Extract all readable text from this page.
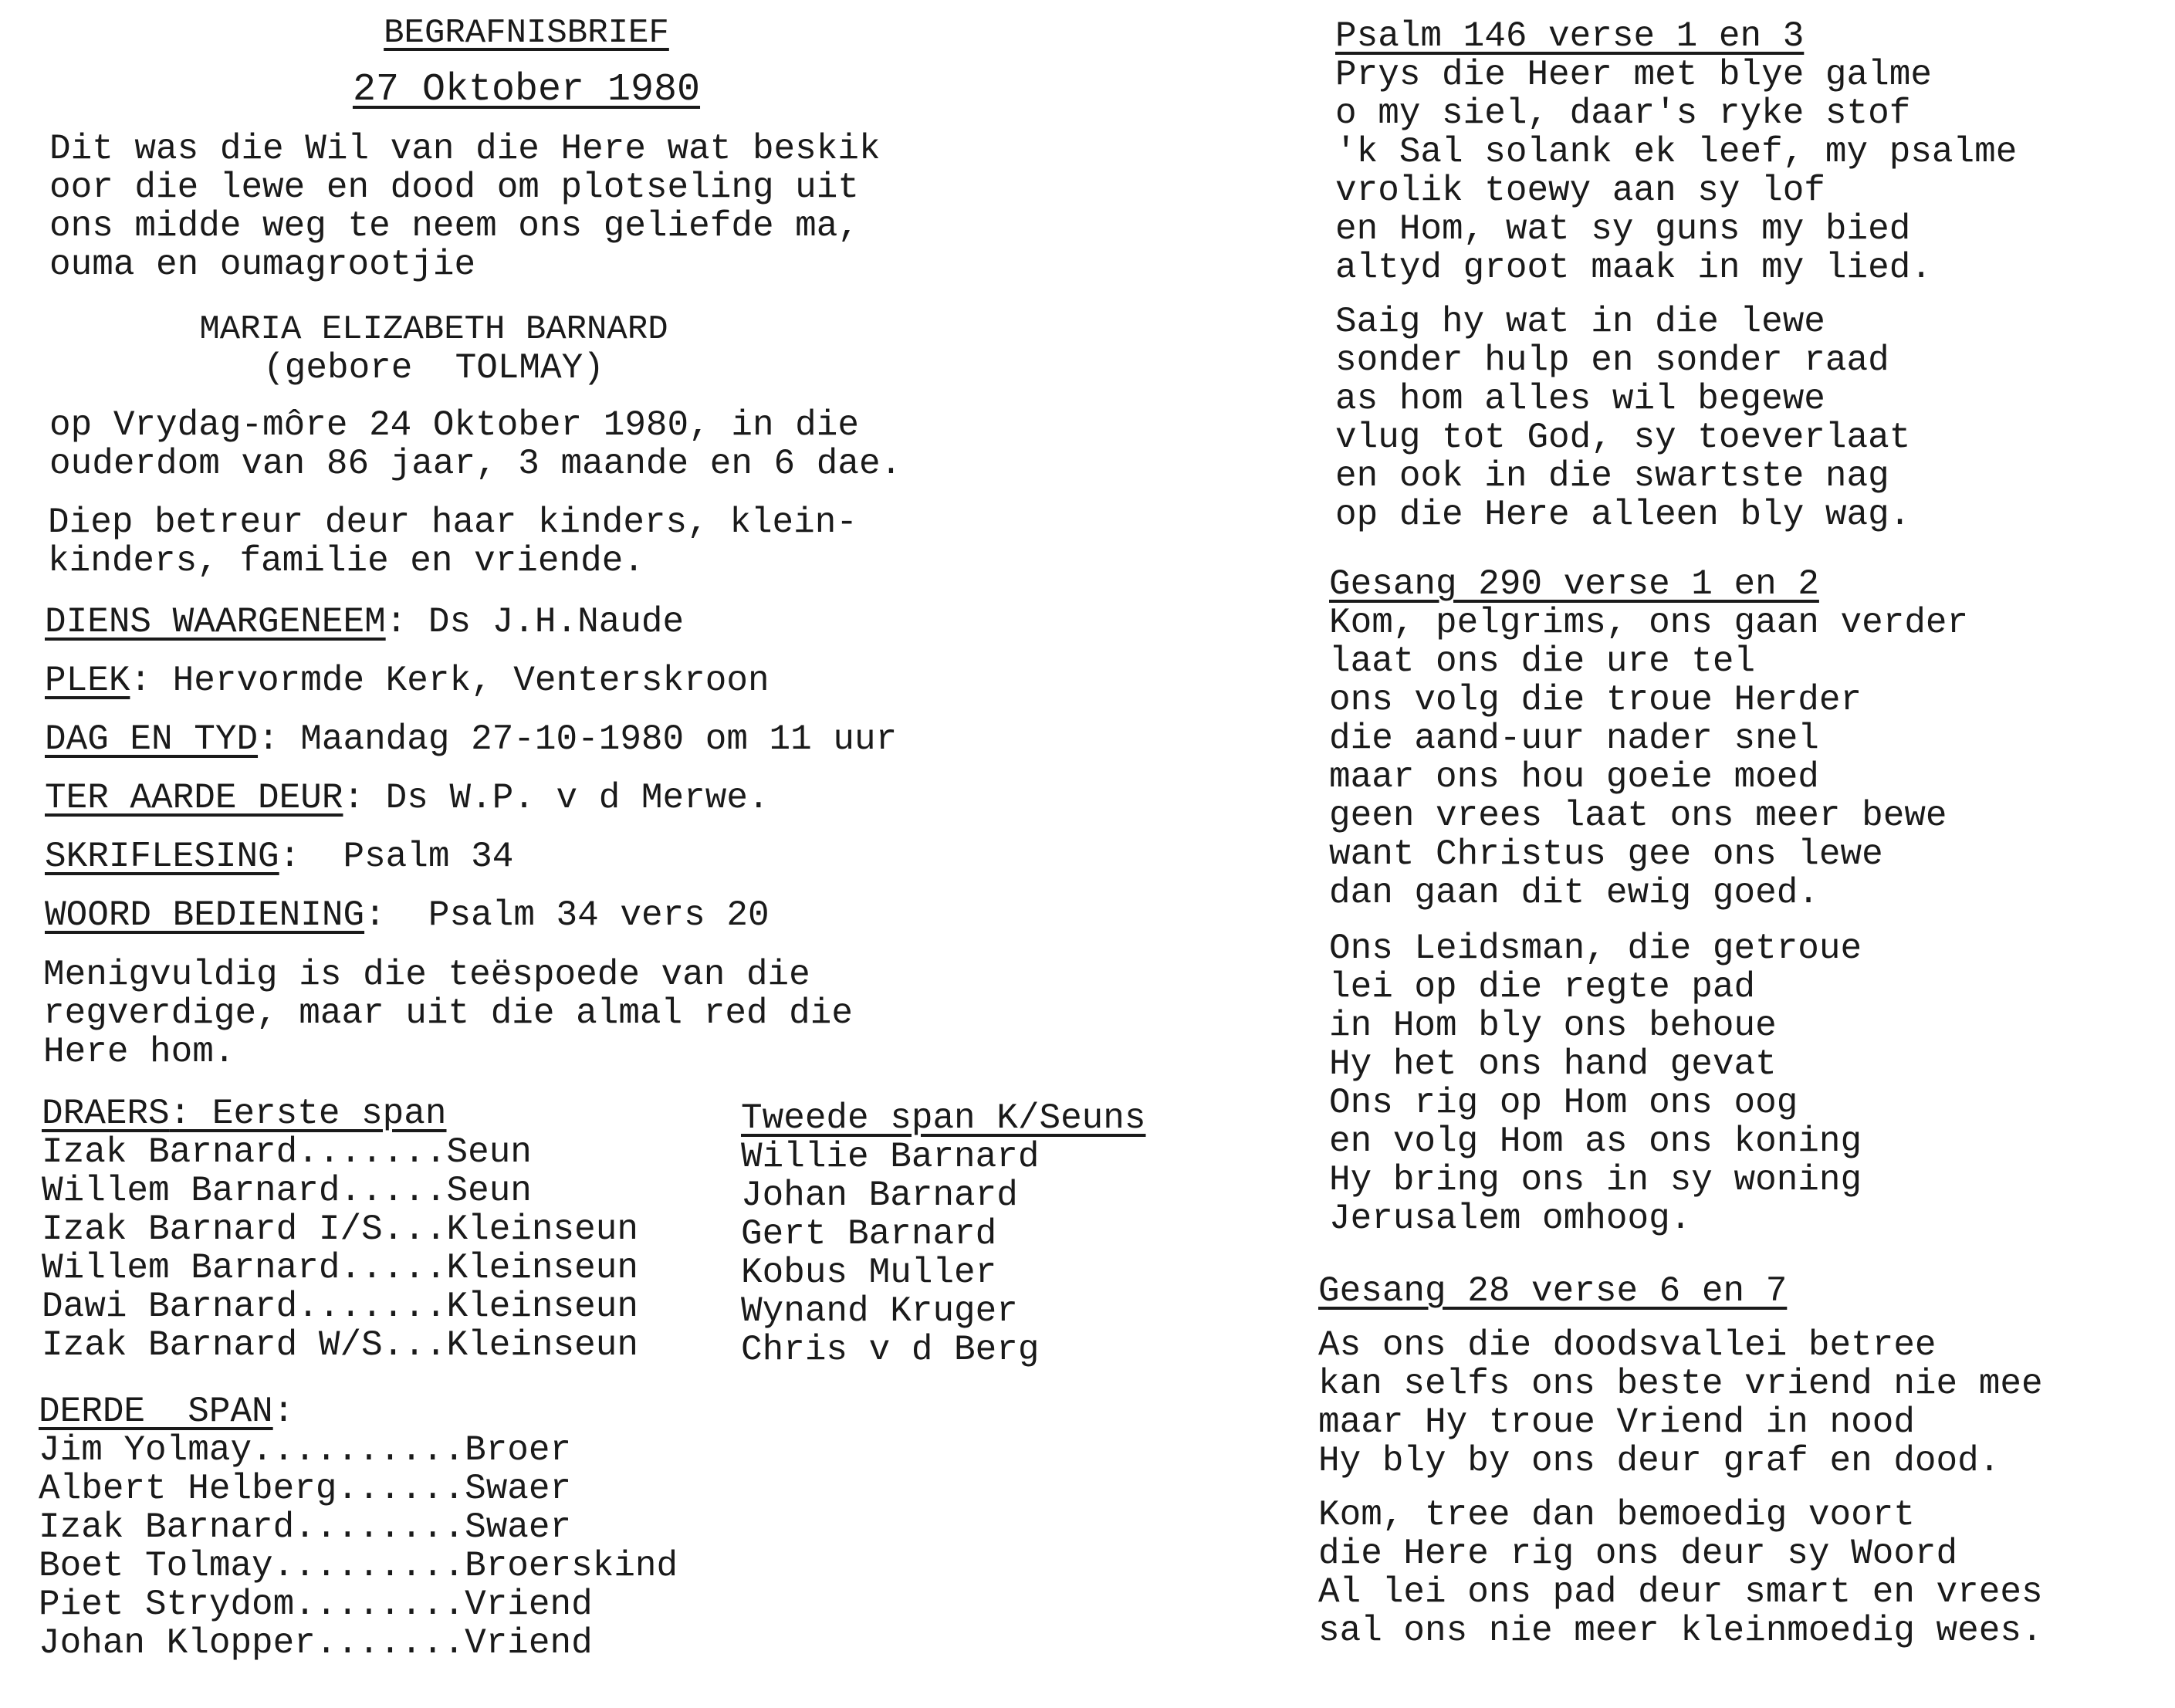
BEGRAFNISBRIEF
27 Oktober 1980
Dit was die Wil van die Here wat beskik
oor die lewe en dood om plotseling uit
ons midde weg te neem ons geliefde ma,
ouma en oumagrootjie
MARIA ELIZABETH BARNARD
(gebore  TOLMAY)
op Vrydag-môre 24 Oktober 1980, in die
ouderdom van 86 jaar, 3 maande en 6 dae.
Diep betreur deur haar kinders, klein-
kinders, familie en vriende.
DIENS WAARGENEEM: Ds J.H.Naude
PLEK: Hervormde Kerk, Venterskroon
DAG EN TYD: Maandag 27-10-1980 om 11 uur
TER AARDE DEUR: Ds W.P. v d Merwe.
SKRIFLESING:  Psalm 34
WOORD BEDIENING:  Psalm 34 vers 20
Menigvuldig is die teëspoede van die
regverdige, maar uit die almal red die
Here hom.
DRAERS: Eerste span
Izak Barnard.......Seun
Willem Barnard.....Seun
Izak Barnard I/S...Kleinseun
Willem Barnard.....Kleinseun
Dawi Barnard.......Kleinseun
Izak Barnard W/S...Kleinseun
Tweede span K/Seuns
Willie Barnard
Johan Barnard
Gert Barnard
Kobus Muller
Wynand Kruger
Chris v d Berg
DERDE  SPAN:
Jim Yolmay..........Broer
Albert Helberg......Swaer
Izak Barnard........Swaer
Boet Tolmay.........Broerskind
Piet Strydom........Vriend
Johan Klopper.......Vriend
Psalm 146 verse 1 en 3
Prys die Heer met blye galme
o my siel, daar's ryke stof
'k Sal solank ek leef, my psalme
vrolik toewy aan sy lof
en Hom, wat sy guns my bied
altyd groot maak in my lied.
Saig hy wat in die lewe
sonder hulp en sonder raad
as hom alles wil begewe
vlug tot God, sy toeverlaat
en ook in die swartste nag
op die Here alleen bly wag.
Gesang 290 verse 1 en 2
Kom, pelgrims, ons gaan verder
laat ons die ure tel
ons volg die troue Herder
die aand-uur nader snel
maar ons hou goeie moed
geen vrees laat ons meer bewe
want Christus gee ons lewe
dan gaan dit ewig goed.
Ons Leidsman, die getroue
lei op die regte pad
in Hom bly ons behoue
Hy het ons hand gevat
Ons rig op Hom ons oog
en volg Hom as ons koning
Hy bring ons in sy woning
Jerusalem omhoog.
Gesang 28 verse 6 en 7
As ons die doodsvallei betree
kan selfs ons beste vriend nie mee
maar Hy troue Vriend in nood
Hy bly by ons deur graf en dood.
Kom, tree dan bemoedig voort
die Here rig ons deur sy Woord
Al lei ons pad deur smart en vrees
sal ons nie meer kleinmoedig wees.
